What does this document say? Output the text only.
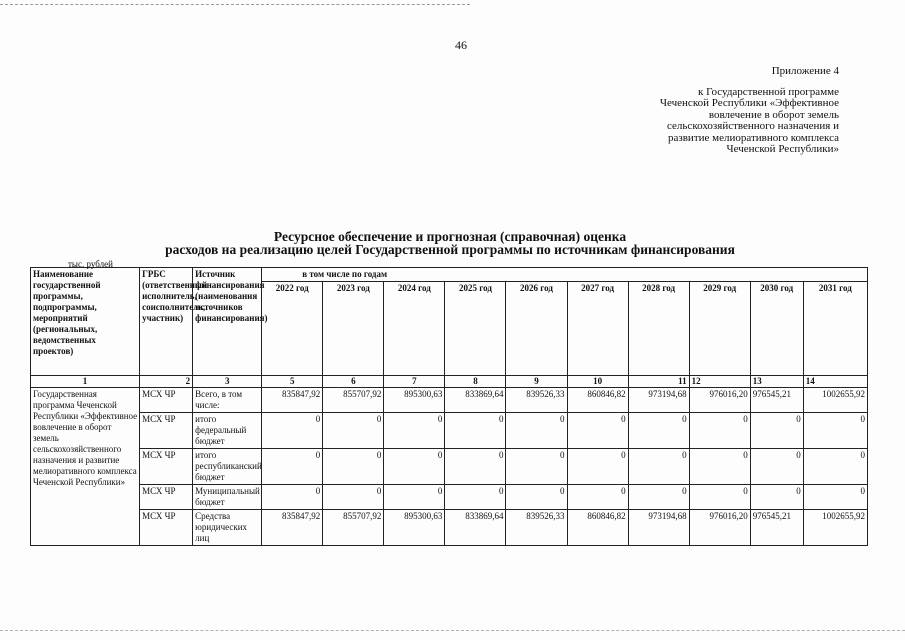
46
Приложение 4
к Государственной программе
Чеченской Республики «Эффективное
вовлечение в оборот земель
сельскохозяйственного назначения и
развитие мелиоративного комплекса
Чеченской Республики»
Ресурсное обеспечение и прогнозная (справочная) оценка
расходов на реализацию целей Государственной программы по источникам финансирования
тыс. рублей
Наименование государственной программы, подпрограммы, мероприятий (региональных, ведомственных проектов)	ГРБС (ответственный исполнитель, соисполнитель, участник)	Источник финансирования (наименования источников финансирования)	в том числе по годам									
			2022 год	2023 год	2024 год	2025 год	2026 год	2027 год	2028 год	2029 год	2030 год	2031 год
1	2	3	5	6	7	8	9	10	11	12	13	14
Государственная программа Чеченской Республики «Эффективное вовлечение в оборот земель сельскохозяйственного назначения и развитие мелиоративного комплекса Чеченской Республики»	МСХ ЧР	Всего, в том числе:	835847,92	855707,92	895300,63	833869,64	839526,33	860846,82	973194,68	976016,20	976545,21	1002655,92
	МСХ ЧР	итого федеральный бюджет	0	0	0	0	0	0	0	0	0	0
	МСХ ЧР	итого республиканский бюджет	0	0	0	0	0	0	0	0	0	0
	МСХ ЧР	Муниципальный бюджет	0	0	0	0	0	0	0	0	0	0
	МСХ ЧР	Средства юридических лиц	835847,92	855707,92	895300,63	833869,64	839526,33	860846,82	973194,68	976016,20	976545,21	1002655,92
